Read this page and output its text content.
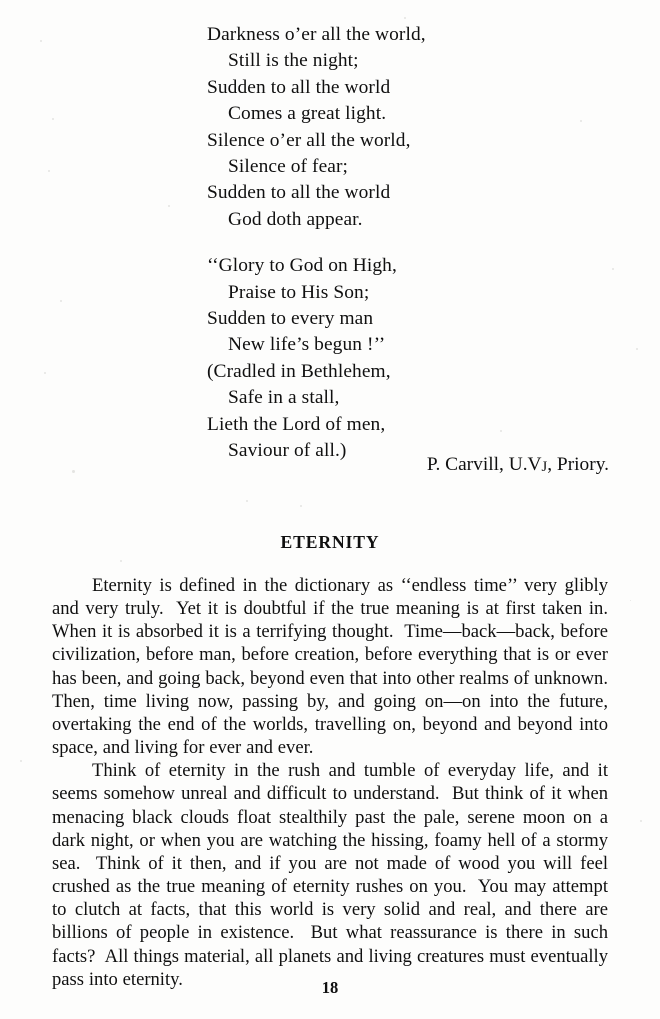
Darkness o’er all the world,
Still is the night;
Sudden to all the world
Comes a great light.
Silence o’er all the world,
Silence of fear;
Sudden to all the world
God doth appear.
‘‘Glory to God on High,
Praise to His Son;
Sudden to every man
New life’s begun !’’
(Cradled in Bethlehem,
Safe in a stall,
Lieth the Lord of men,
Saviour of all.)
P. Carvill, U.VJ, Priory.
ETERNITY

Eternity is defined in the dictionary as ‘‘endless time’’ very glibly and very truly.  Yet it is doubtful if the true meaning is at first taken in.  When it is absorbed it is a terrifying thought.  Time—back—back, before civilization, before man, before creation, before everything that is or ever has been, and going back, beyond even that into other realms of unknown.  Then, time living now, passing by, and going on—on into the future, overtaking the end of the worlds, travelling on, beyond and beyond into space, and living for ever and ever.

Think of eternity in the rush and tumble of everyday life, and it seems somehow unreal and difficult to understand.  But think of it when menacing black clouds float stealthily past the pale, serene moon on a dark night, or when you are watching the hissing, foamy hell of a stormy sea.  Think of it then, and if you are not made of wood you will feel crushed as the true meaning of eternity rushes on you.  You may attempt to clutch at facts, that this world is very solid and real, and there are billions of people in existence.  But what reassurance is there in such facts?  All things material, all planets and living creatures must eventually pass into eternity.	18
